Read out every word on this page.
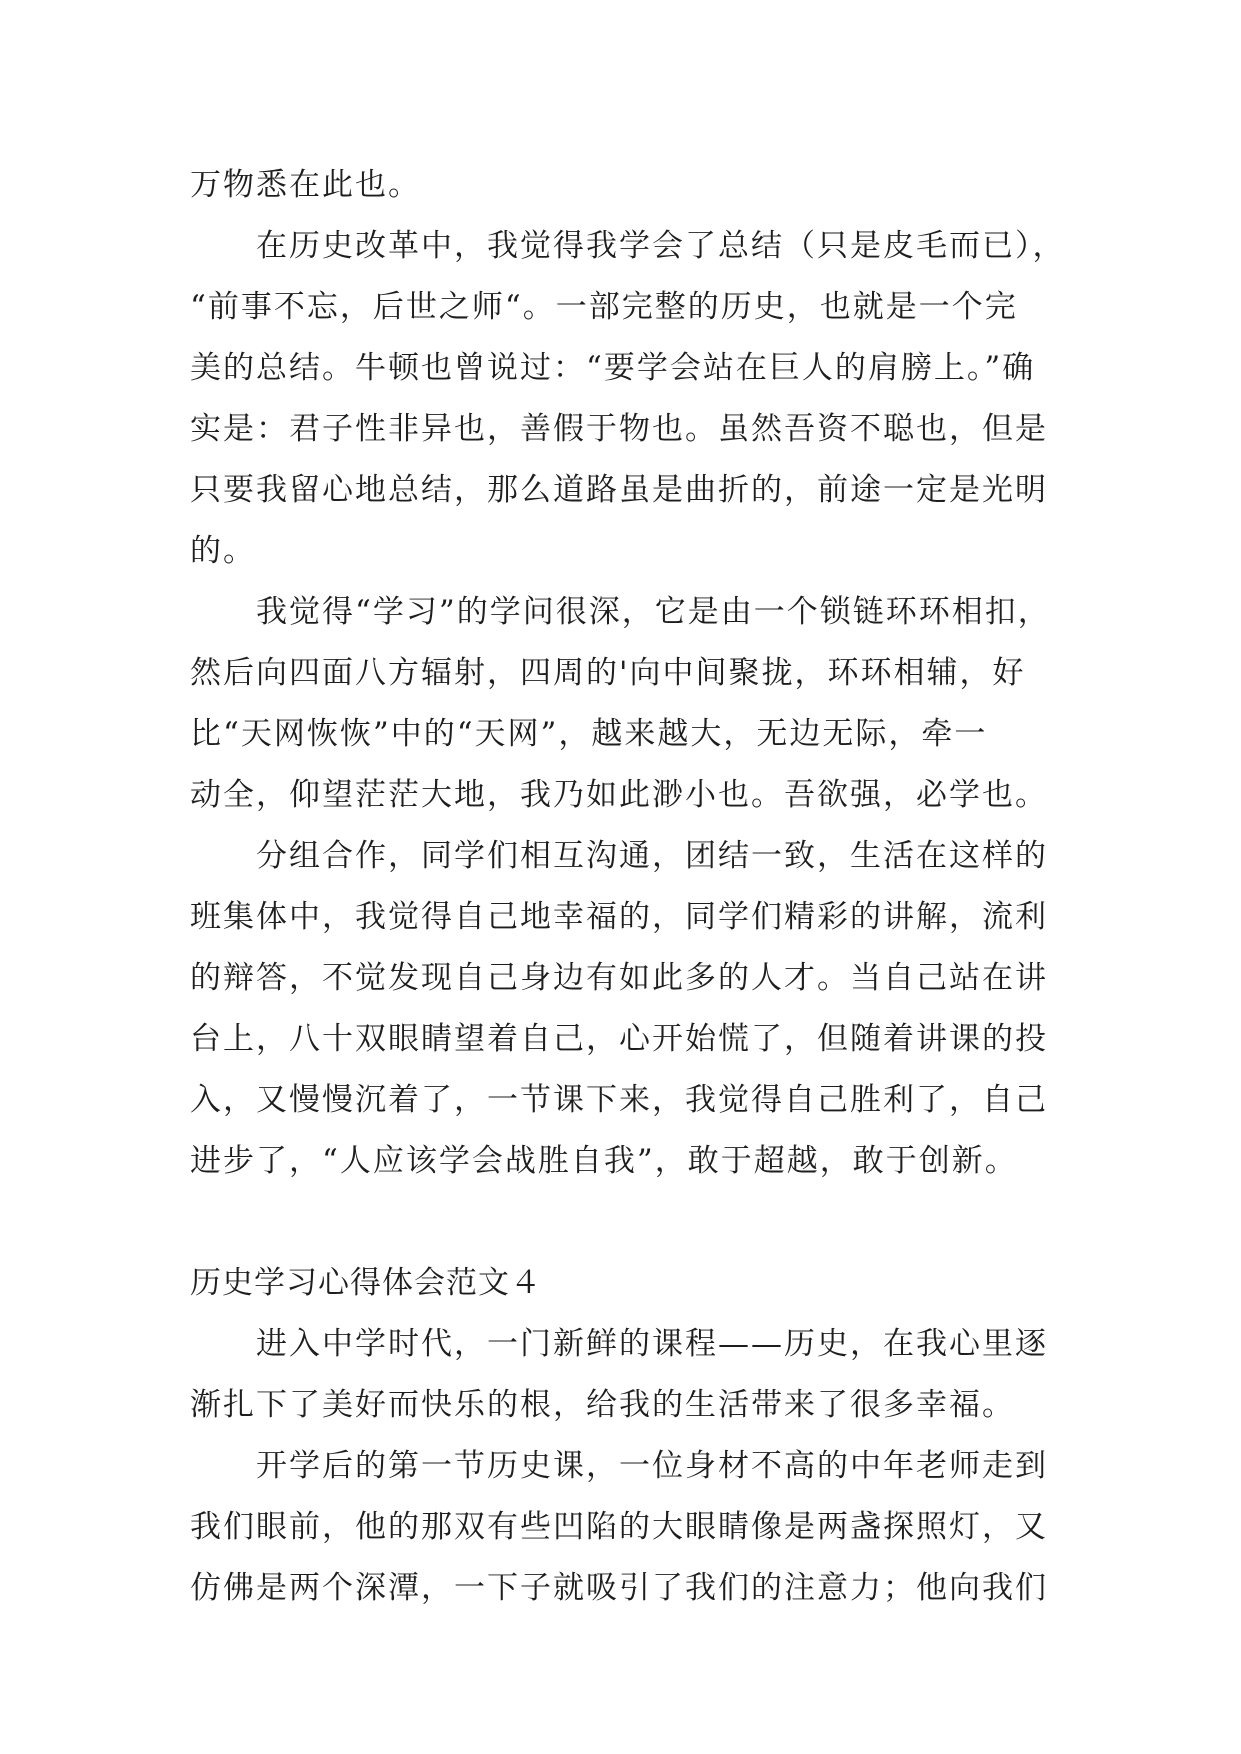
万物悉在此也。
在历史改革中，我觉得我学会了总结（只是皮毛而已），
“前事不忘，后世之师“。一部完整的历史，也就是一个完
美的总结。牛顿也曾说过：“要学会站在巨人的肩膀上。”确
实是：君子性非异也，善假于物也。虽然吾资不聪也，但是
只要我留心地总结，那么道路虽是曲折的，前途一定是光明
的。
我觉得“学习”的学问很深，它是由一个锁链环环相扣，
然后向四面八方辐射，四周的'向中间聚拢，环环相辅，好
比“天网恢恢”中的“天网”，越来越大，无边无际，牵一
动全，仰望茫茫大地，我乃如此渺小也。吾欲强，必学也。
分组合作，同学们相互沟通，团结一致，生活在这样的
班集体中，我觉得自己地幸福的，同学们精彩的讲解，流利
的辩答，不觉发现自己身边有如此多的人才。当自己站在讲
台上，八十双眼睛望着自己，心开始慌了，但随着讲课的投
入，又慢慢沉着了，一节课下来，我觉得自己胜利了，自己
进步了，“人应该学会战胜自我”，敢于超越，敢于创新。
历史学习心得体会范文４
进入中学时代，一门新鲜的课程——历史，在我心里逐
渐扎下了美好而快乐的根，给我的生活带来了很多幸福。
开学后的第一节历史课，一位身材不高的中年老师走到
我们眼前，他的那双有些凹陷的大眼睛像是两盏探照灯，又
仿佛是两个深潭，一下子就吸引了我们的注意力；他向我们
